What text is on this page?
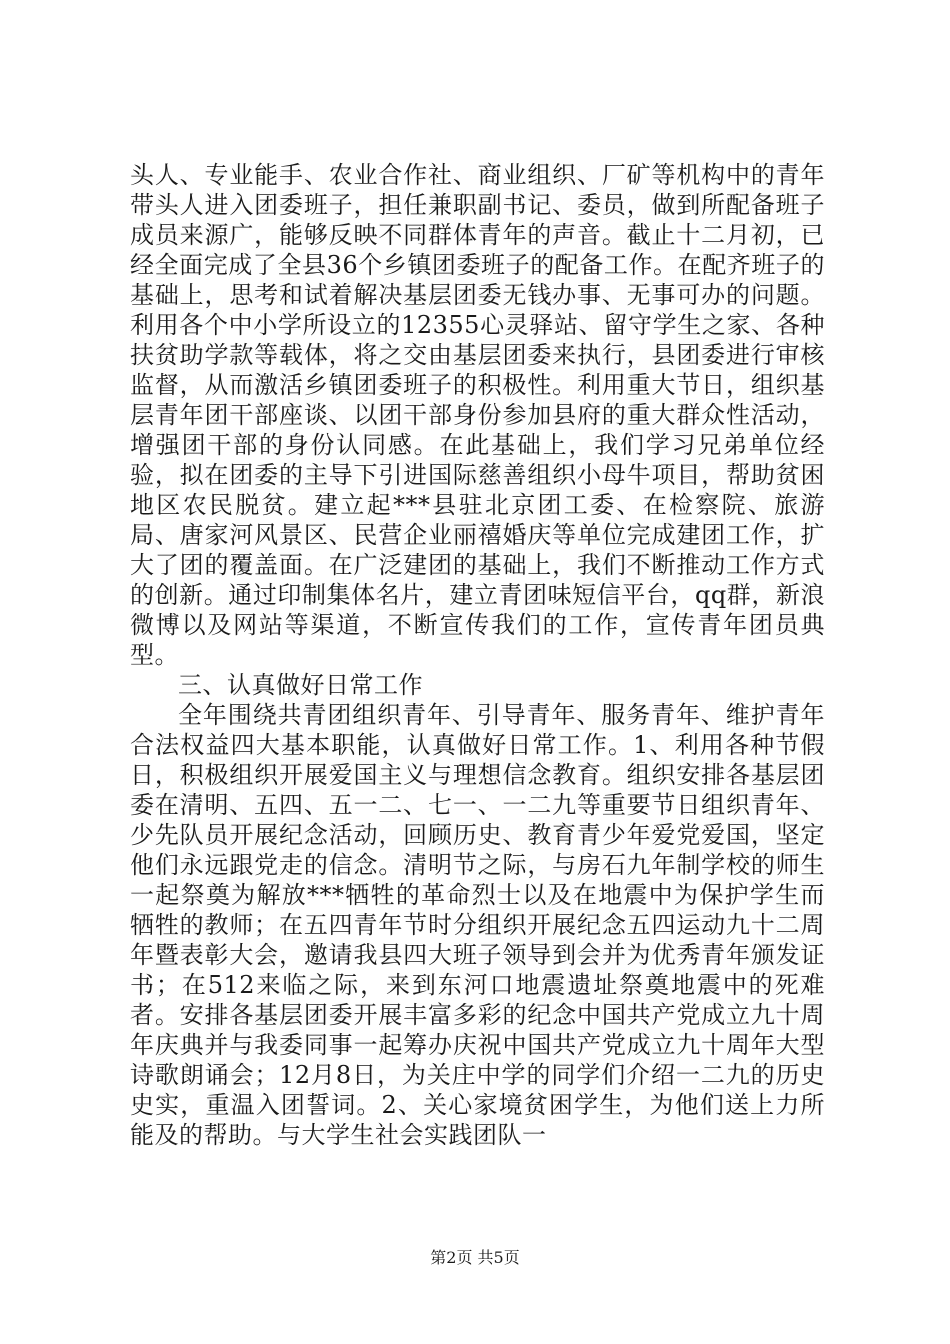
头人、专业能手、农业合作社、商业组织、厂矿等机构中的青年带头人进入团委班子，担任兼职副书记、委员，做到所配备班子成员来源广，能够反映不同群体青年的声音。截止十二月初，已经全面完成了全县36个乡镇团委班子的配备工作。在配齐班子的基础上，思考和试着解决基层团委无钱办事、无事可办的问题。利用各个中小学所设立的12355心灵驿站、留守学生之家、各种扶贫助学款等载体，将之交由基层团委来执行，县团委进行审核监督，从而激活乡镇团委班子的积极性。利用重大节日，组织基层青年团干部座谈、以团干部身份参加县府的重大群众性活动，增强团干部的身份认同感。在此基础上，我们学习兄弟单位经验，拟在团委的主导下引进国际慈善组织小母牛项目，帮助贫困地区农民脱贫。建立起***县驻北京团工委、在检察院、旅游局、唐家河风景区、民营企业丽禧婚庆等单位完成建团工作，扩大了团的覆盖面。在广泛建团的基础上，我们不断推动工作方式的创新。通过印制集体名片，建立青团味短信平台，qq群，新浪微博以及网站等渠道，不断宣传我们的工作，宣传青年团员典型。

三、认真做好日常工作

全年围绕共青团组织青年、引导青年、服务青年、维护青年合法权益四大基本职能，认真做好日常工作。1、利用各种节假日，积极组织开展爱国主义与理想信念教育。组织安排各基层团委在清明、五四、五一二、七一、一二九等重要节日组织青年、少先队员开展纪念活动，回顾历史、教育青少年爱党爱国，坚定他们永远跟党走的信念。清明节之际，与房石九年制学校的师生一起祭奠为解放***牺牲的革命烈士以及在地震中为保护学生而牺牲的教师；在五四青年节时分组织开展纪念五四运动九十二周年暨表彰大会，邀请我县四大班子领导到会并为优秀青年颁发证书；在512来临之际，来到东河口地震遗址祭奠地震中的死难者。安排各基层团委开展丰富多彩的纪念中国共产党成立九十周年庆典并与我委同事一起筹办庆祝中国共产党成立九十周年大型诗歌朗诵会；12月8日，为关庄中学的同学们介绍一二九的历史史实，重温入团誓词。2、关心家境贫困学生，为他们送上力所能及的帮助。与大学生社会实践团队一

第2页 共5页
